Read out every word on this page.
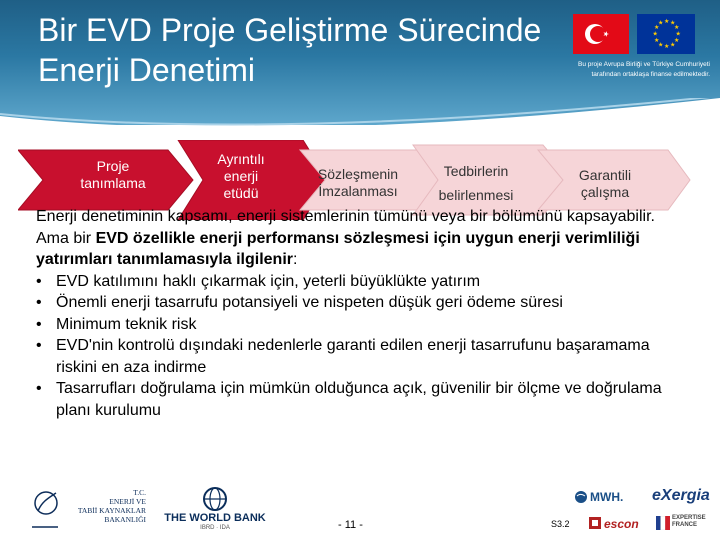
Bir EVD Proje Geliştirme Sürecinde
Enerji Denetimi
★ ★
★
★
★
★
★
★
★
★
★
★
Bu proje Avrupa Birliği ve Türkiye Cumhuriyeti
tarafından ortaklaşa finanse edilmektedir.
Proje
tanımlama
Ayrıntılı
enerji
etüdü
Sözleşmenin
İmzalanması
Tedbirlerin
belirlenmesi
Garantili
çalışma

Enerji denetiminin kapsamı, enerji sistemlerinin tümünü veya bir bölümünü kapsayabilir.

Ama bir EVD özellikle enerji performansı sözleşmesi için uygun enerji verimliliği yatırımları tanımlamasıyla ilgilenir:

• EVD katılımını haklı çıkarmak için, yeterli büyüklükte yatırım
• Önemli enerji tasarrufu potansiyeli ve nispeten düşük geri ödeme süresi
• Minimum teknik risk
• EVD'nin kontrolü dışındaki nedenlerle garanti edilen enerji tasarrufunu başaramama riskini en aza indirme
• Tasarrufları doğrulama için mümkün olduğunca açık, güvenilir bir ölçme ve doğrulama planı kurulumu
T.C.
ENERJİ VE
TABİİ KAYNAKLAR
BAKANLIĞI	THE WORLD BANK
IBRD · IDA	- 11 -	S3.2
MWH. eXergia
escon	EXPERTISE
FRANCE
